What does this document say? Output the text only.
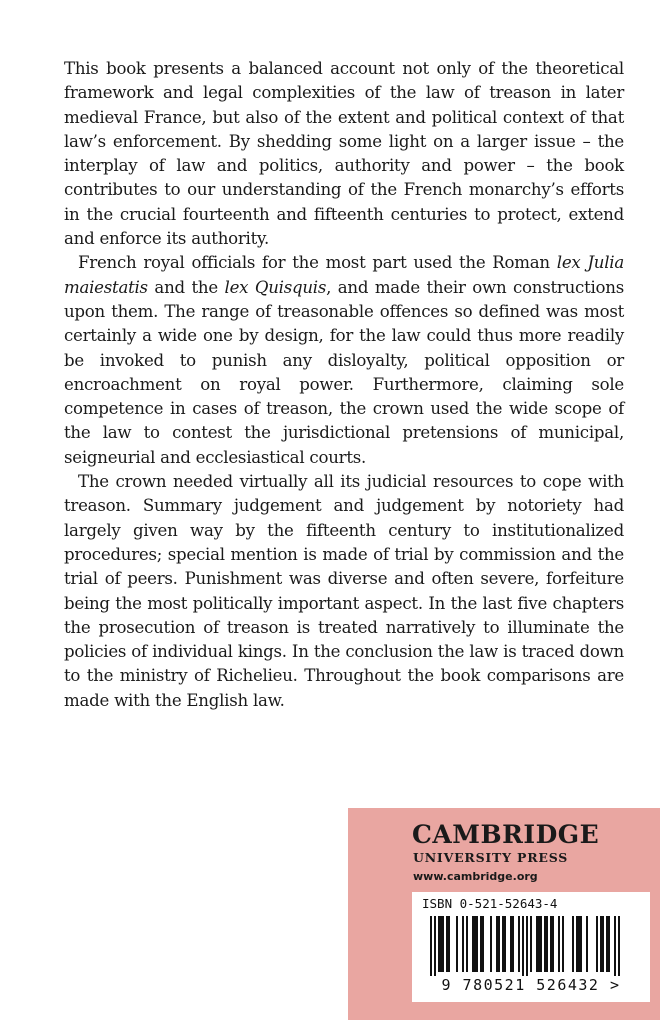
This book presents a balanced account not only of the theoretical framework and legal complexities of the law of treason in later medieval France, but also of the extent and political context of that law’s enforcement. By shedding some light on a larger issue – the interplay of law and politics, authority and power – the book contributes to our understanding of the French monarchy’s efforts in the crucial fourteenth and fifteenth centuries to protect, extend and enforce its authority.

French royal officials for the most part used the Roman lex Julia maiestatis and the lex Quisquis, and made their own constructions upon them. The range of treasonable offences so defined was most certainly a wide one by design, for the law could thus more readily be invoked to punish any disloyalty, political opposition or encroachment on royal power. Furthermore, claiming sole competence in cases of treason, the crown used the wide scope of the law to contest the jurisdictional pretensions of municipal, seigneurial and ecclesiastical courts.

The crown needed virtually all its judicial resources to cope with treason. Summary judgement and judgement by notoriety had largely given way by the fifteenth century to institutionalized procedures; special mention is made of trial by commission and the trial of peers. Punishment was diverse and often severe, forfeiture being the most politically important aspect. In the last five chapters the prosecution of treason is treated narratively to illuminate the policies of individual kings. In the conclusion the law is traced down to the ministry of Richelieu. Throughout the book comparisons are made with the English law.

CAMBRIDGE
UNIVERSITY PRESS
www.cambridge.org
ISBN 0-521-52643-4
9 780521 526432 >
